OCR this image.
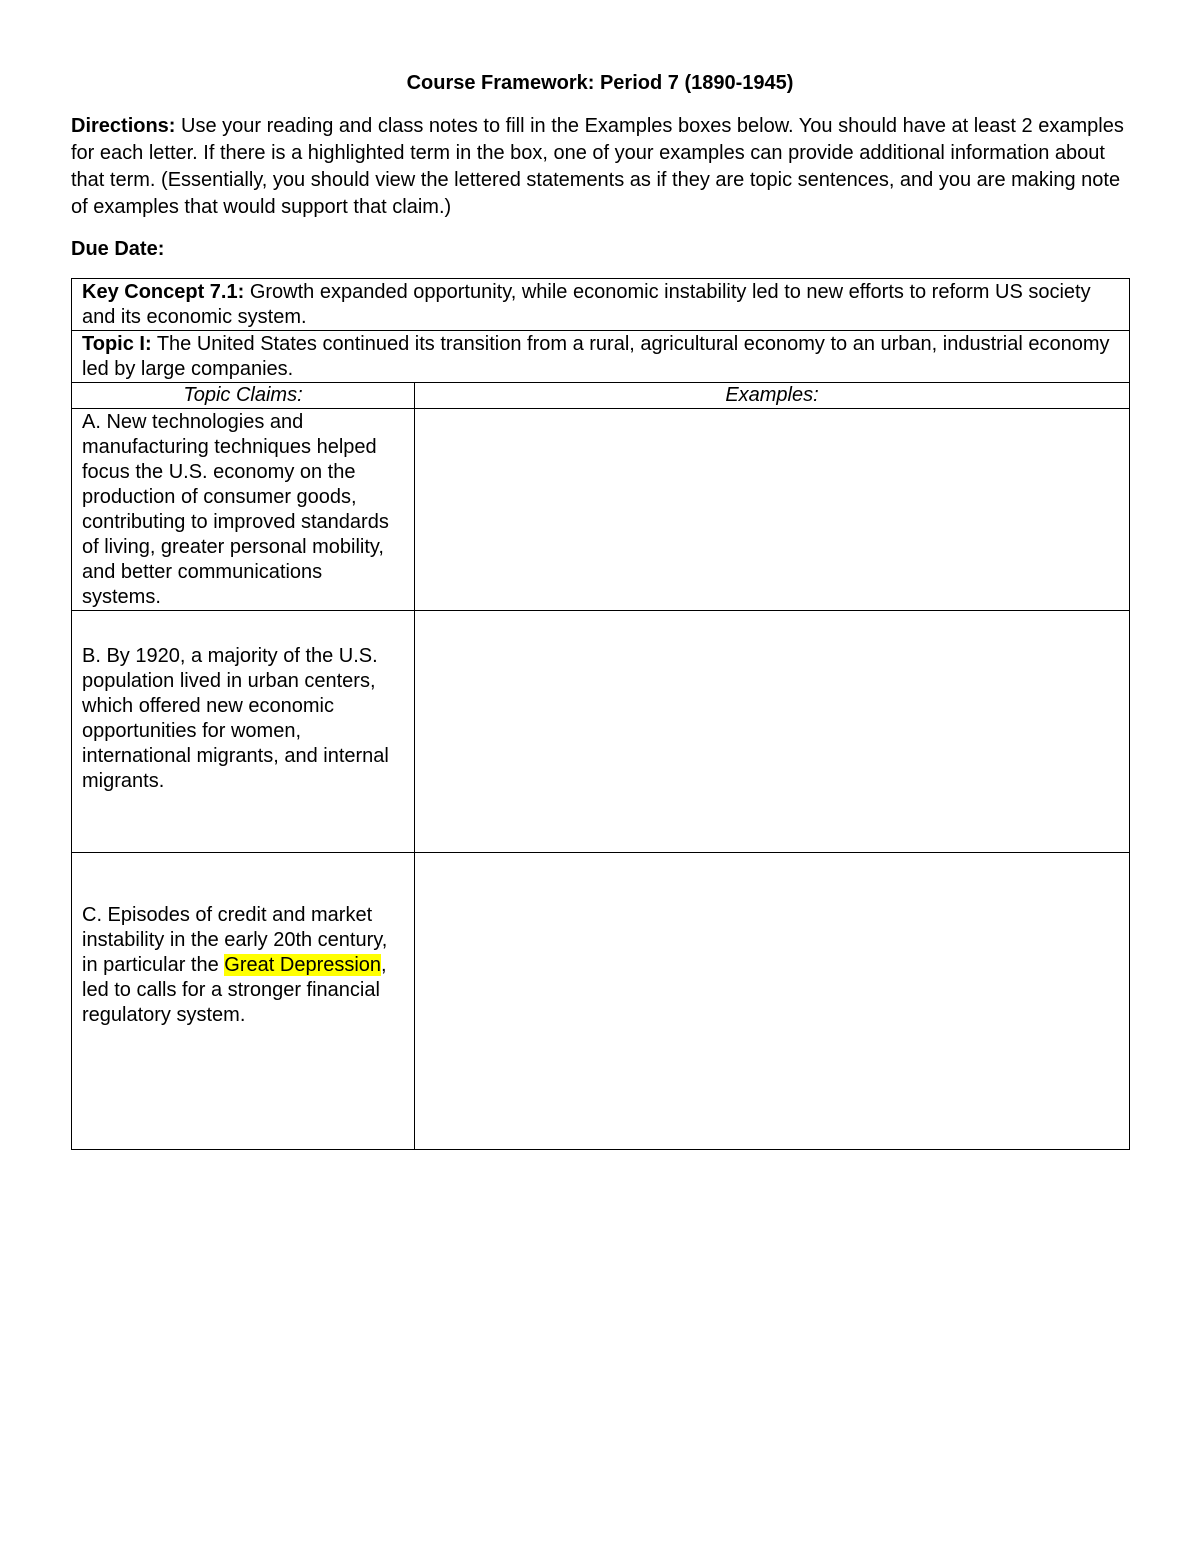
Course Framework: Period 7 (1890-1945)
Directions: Use your reading and class notes to fill in the Examples boxes below. You should have at least 2 examples for each letter. If there is a highlighted term in the box, one of your examples can provide additional information about that term. (Essentially, you should view the lettered statements as if they are topic sentences, and you are making note of examples that would support that claim.)
Due Date:
Key Concept 7.1: Growth expanded opportunity, while economic instability led to new efforts to reform US society and its economic system.	
Topic I: The United States continued its transition from a rural, agricultural economy to an urban, industrial economy led by large companies.	
Topic Claims:	Examples:
A. New technologies and manufacturing techniques helped focus the U.S. economy on the production of consumer goods, contributing to improved standards of living, greater personal mobility, and better communications systems.	
B. By 1920, a majority of the U.S. population lived in urban centers, which offered new economic opportunities for women, international migrants, and internal migrants.	
C. Episodes of credit and market instability in the early 20th century, in particular the Great Depression, led to calls for a stronger financial regulatory system.	
